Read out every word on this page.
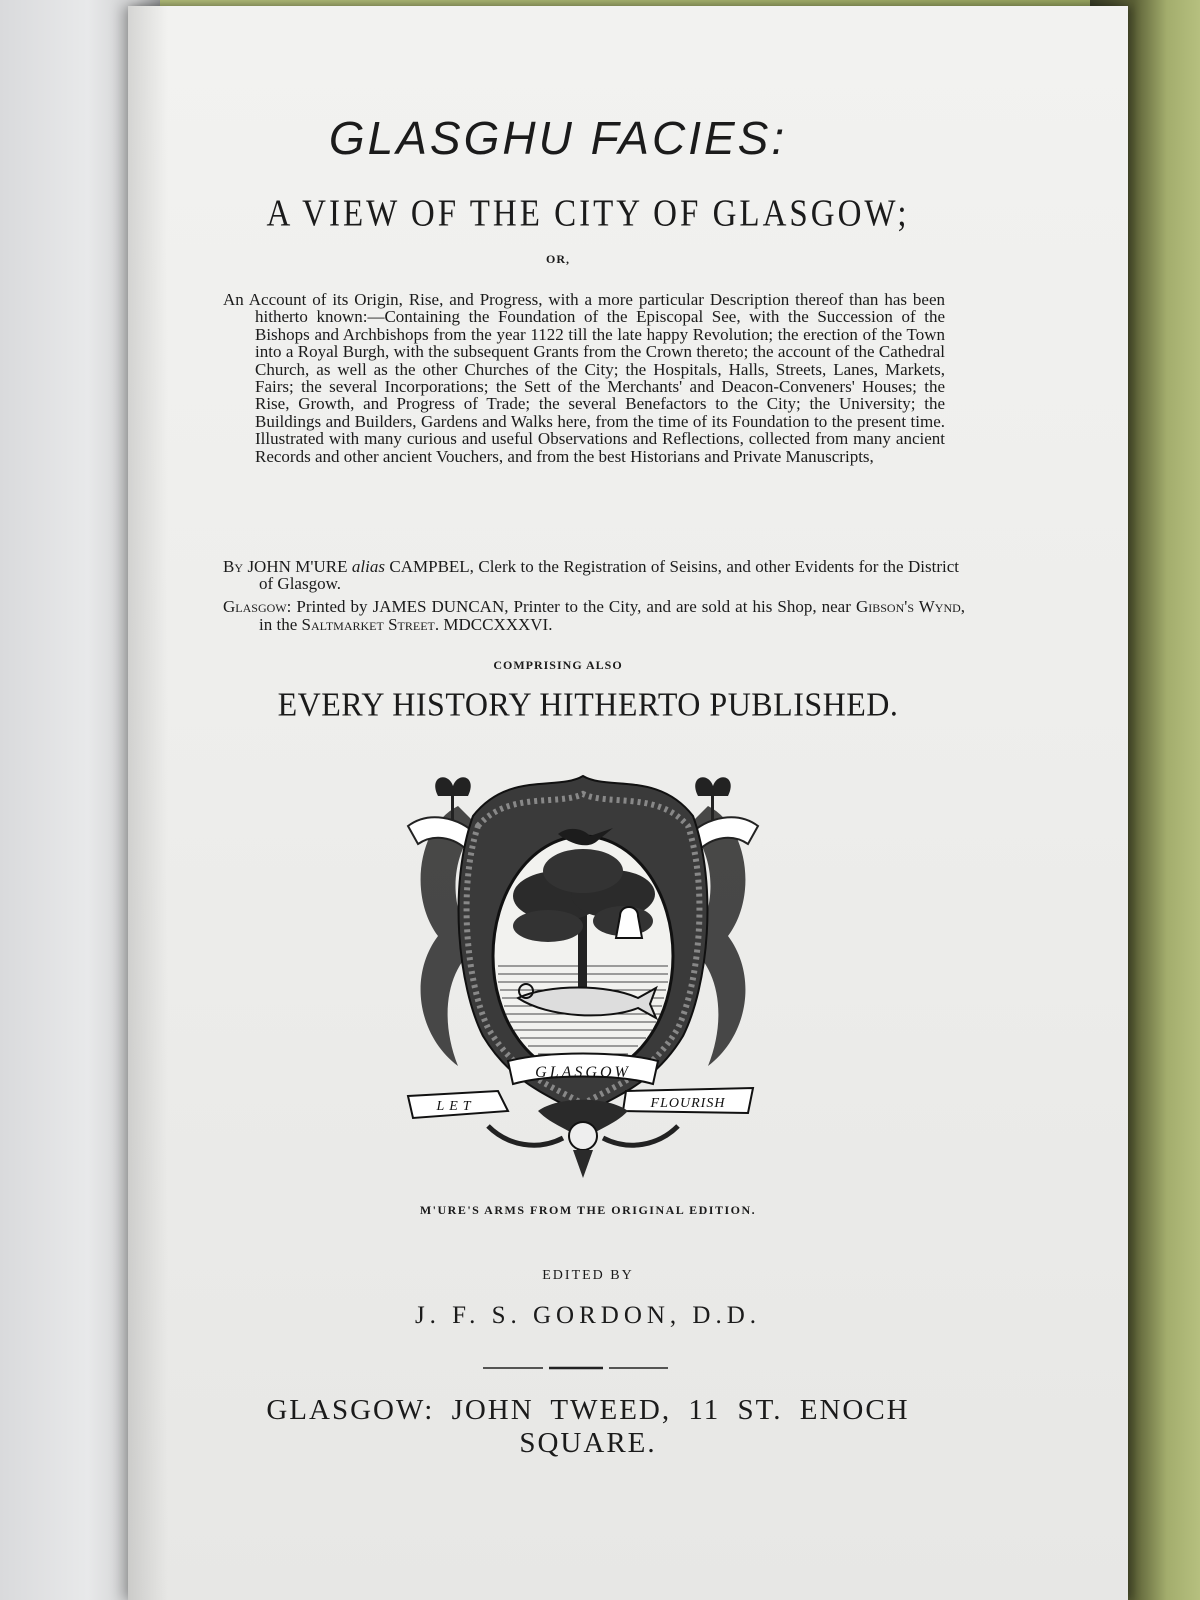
GLASGHU FACIES:
A VIEW OF THE CITY OF GLASGOW;
OR,
An Account of its Origin, Rise, and Progress, with a more particular Description thereof than has been hitherto known:—Containing the Foundation of the Episcopal See, with the Succession of the Bishops and Archbishops from the year 1122 till the late happy Revolution; the erection of the Town into a Royal Burgh, with the subsequent Grants from the Crown thereto; the account of the Cathedral Church, as well as the other Churches of the City; the Hospitals, Halls, Streets, Lanes, Markets, Fairs; the several Incorporations; the Sett of the Merchants' and Deacon-Conveners' Houses; the Rise, Growth, and Progress of Trade; the several Benefactors to the City; the University; the Buildings and Builders, Gardens and Walks here, from the time of its Foundation to the present time. Illustrated with many curious and useful Observations and Reflections, collected from many ancient Records and other ancient Vouchers, and from the best Historians and Private Manuscripts,
By JOHN M'URE alias CAMPBEL, Clerk to the Registration of Seisins, and other Evidents for the District of Glasgow.
Glasgow: Printed by JAMES DUNCAN, Printer to the City, and are sold at his Shop, near Gibson's Wynd, in the Saltmarket Street. MDCCXXXVI.
COMPRISING ALSO
EVERY HISTORY HITHERTO PUBLISHED.
GLASGOW
LET	FLOURISH
M'URE'S ARMS FROM THE ORIGINAL EDITION.
EDITED BY
J. F. S. GORDON, D.D.
GLASGOW: JOHN TWEED, 11 ST. ENOCH SQUARE.
